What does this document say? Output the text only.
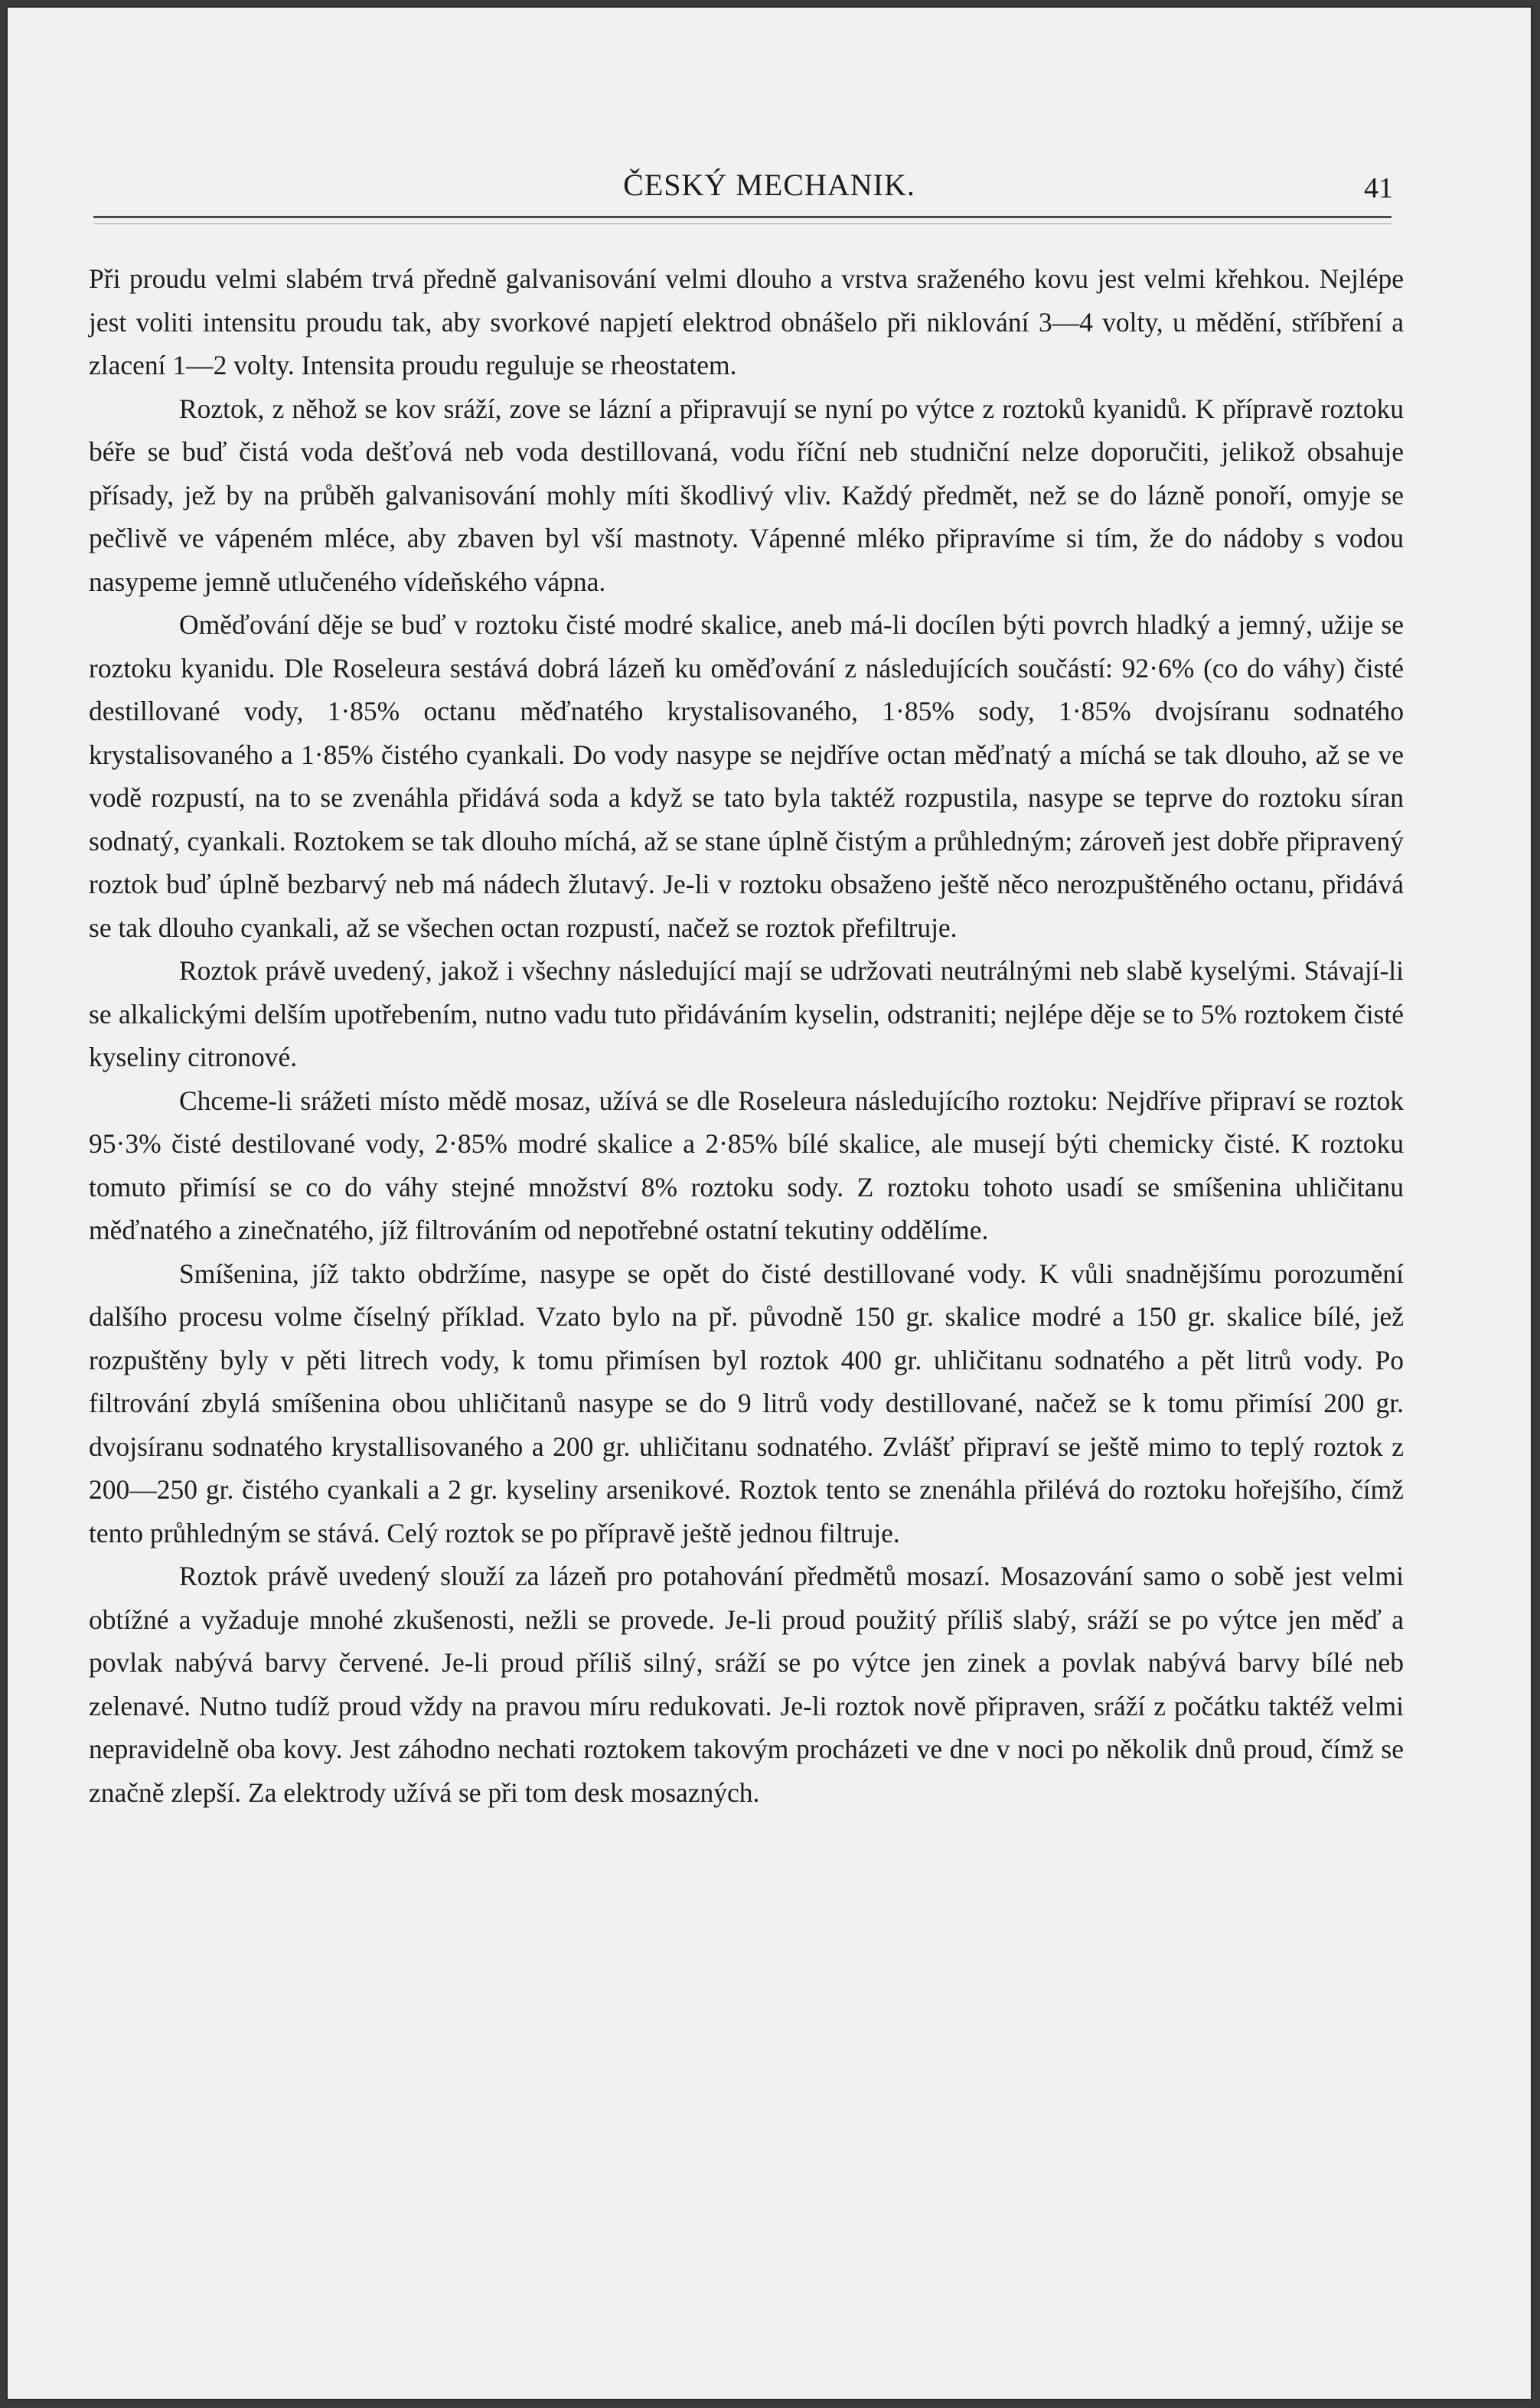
ČESKÝ MECHANIK.	41

Při proudu velmi slabém trvá předně galvanisování velmi dlouho a vrstva sraženého kovu jest velmi křehkou. Nejlépe jest voliti intensitu proudu tak, aby svorkové napjetí elektrod obnášelo při niklování 3—4 volty, u mědění, stříbření a zlacení 1—2 volty. Intensita proudu reguluje se rheostatem.

Roztok, z něhož se kov sráží, zove se lázní a připravují se nyní po výtce z roztoků kyanidů. K přípravě roztoku béře se buď čistá voda dešťová neb voda destillovaná, vodu říční neb studniční nelze doporučiti, jelikož obsahuje přísady, jež by na průběh galvanisování mohly míti škodlivý vliv. Každý předmět, než se do lázně ponoří, omyje se pečlivě ve vápeném mléce, aby zbaven byl vší mastnoty. Vápenné mléko připravíme si tím, že do nádoby s vodou nasypeme jemně utlučeného vídeňského vápna.

Oměďování děje se buď v roztoku čisté modré skalice, aneb má-li docílen býti povrch hladký a jemný, užije se roztoku kyanidu. Dle Roseleura sestává dobrá lázeň ku oměďování z následujících součástí: 92·6% (co do váhy) čisté destillované vody, 1·85% octanu měďnatého krystalisovaného, 1·85% sody, 1·85% dvojsíranu sodnatého krystalisovaného a 1·85% čistého cyankali. Do vody nasype se nejdříve octan měďnatý a míchá se tak dlouho, až se ve vodě rozpustí, na to se zvenáhla přidává soda a když se tato byla taktéž rozpustila, nasype se teprve do roztoku síran sodnatý, cyankali. Roztokem se tak dlouho míchá, až se stane úplně čistým a průhledným; zároveň jest dobře připravený roztok buď úplně bezbarvý neb má nádech žlutavý. Je-li v roztoku obsaženo ještě něco nerozpuštěného octanu, přidává se tak dlouho cyankali, až se všechen octan rozpustí, načež se roztok přefiltruje.

Roztok právě uvedený, jakož i všechny následující mají se udržovati neutrálnými neb slabě kyselými. Stávají-li se alkalickými delším upotřebením, nutno vadu tuto přidáváním kyselin, odstraniti; nejlépe děje se to 5% roztokem čisté kyseliny citronové.

Chceme-li srážeti místo mědě mosaz, užívá se dle Roseleura následujícího roztoku: Nejdříve připraví se roztok 95·3% čisté destilované vody, 2·85% modré skalice a 2·85% bílé skalice, ale musejí býti chemicky čisté. K roztoku tomuto přimísí se co do váhy stejné množství 8% roztoku sody. Z roztoku tohoto usadí se smíšenina uhličitanu měďnatého a zinečnatého, jíž filtrováním od nepotřebné ostatní tekutiny oddělíme.

Smíšenina, jíž takto obdržíme, nasype se opět do čisté destillované vody. K vůli snadnějšímu porozumění dalšího procesu volme číselný příklad. Vzato bylo na př. původně 150 gr. skalice modré a 150 gr. skalice bílé, jež rozpuštěny byly v pěti litrech vody, k tomu přimísen byl roztok 400 gr. uhličitanu sodnatého a pět litrů vody. Po filtrování zbylá smíšenina obou uhličitanů nasype se do 9 litrů vody destillované, načež se k tomu přimísí 200 gr. dvojsíranu sodnatého krystallisovaného a 200 gr. uhličitanu sodnatého. Zvlášť připraví se ještě mimo to teplý roztok z 200—250 gr. čistého cyankali a 2 gr. kyseliny arsenikové. Roztok tento se znenáhla přilévá do roztoku hořejšího, čímž tento průhledným se stává. Celý roztok se po přípravě ještě jednou filtruje.

Roztok právě uvedený slouží za lázeň pro potahování předmětů mosazí. Mosazování samo o sobě jest velmi obtížné a vyžaduje mnohé zkušenosti, nežli se provede. Je-li proud použitý příliš slabý, sráží se po výtce jen měď a povlak nabývá barvy červené. Je-li proud příliš silný, sráží se po výtce jen zinek a povlak nabývá barvy bílé neb zelenavé. Nutno tudíž proud vždy na pravou míru redukovati. Je-li roztok nově připraven, sráží z počátku taktéž velmi nepravidelně oba kovy. Jest záhodno nechati roztokem takovým procházeti ve dne v noci po několik dnů proud, čímž se značně zlepší. Za elektrody užívá se při tom desk mosazných.
